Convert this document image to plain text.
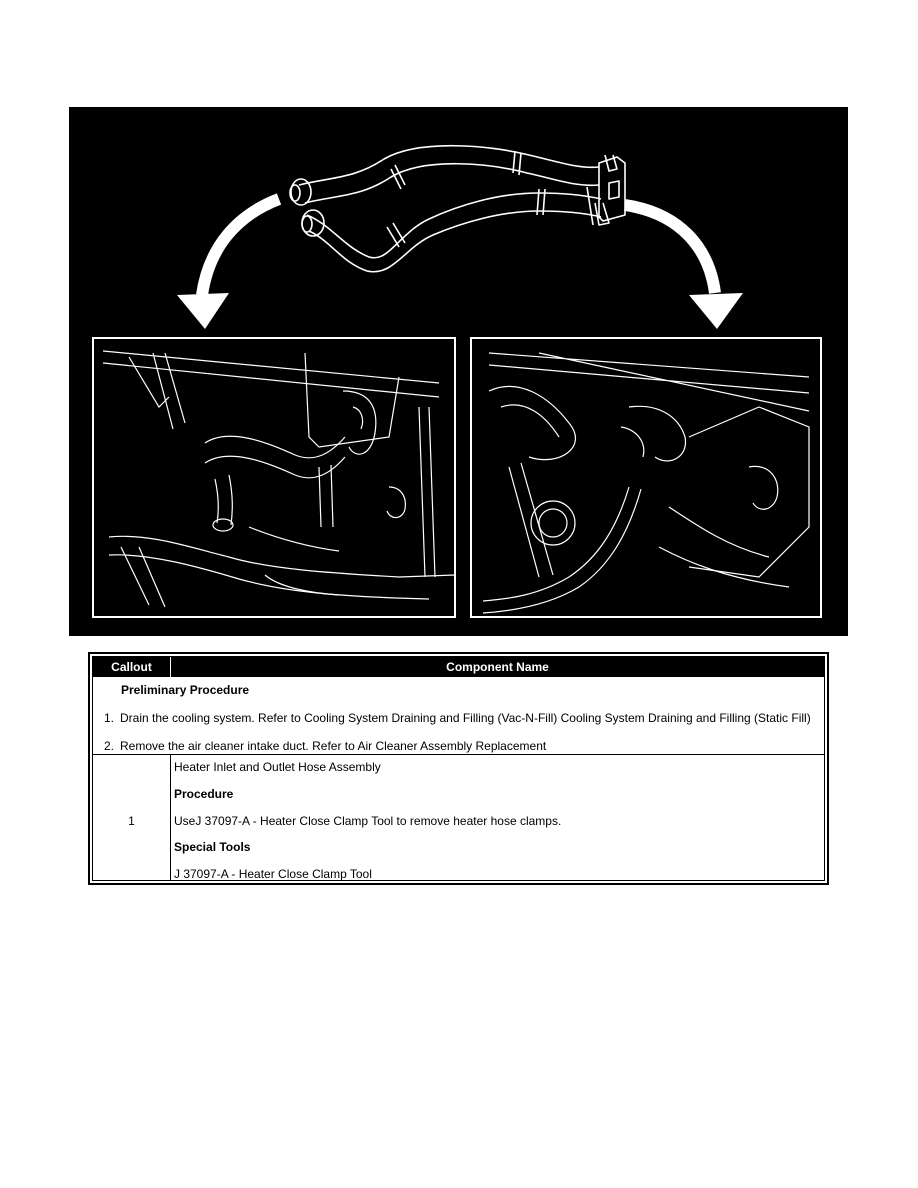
Callout	Component Name
Preliminary Procedure
1. Drain the cooling system. Refer to Cooling System Draining and Filling (Vac-N-Fill) Cooling System Draining and Filling (Static Fill)
2. Remove the air cleaner intake duct. Refer to Air Cleaner Assembly Replacement
1
Heater Inlet and Outlet Hose Assembly
Procedure
UseJ 37097-A - Heater Close Clamp Tool to remove heater hose clamps.
Special Tools
J 37097-A - Heater Close Clamp Tool
